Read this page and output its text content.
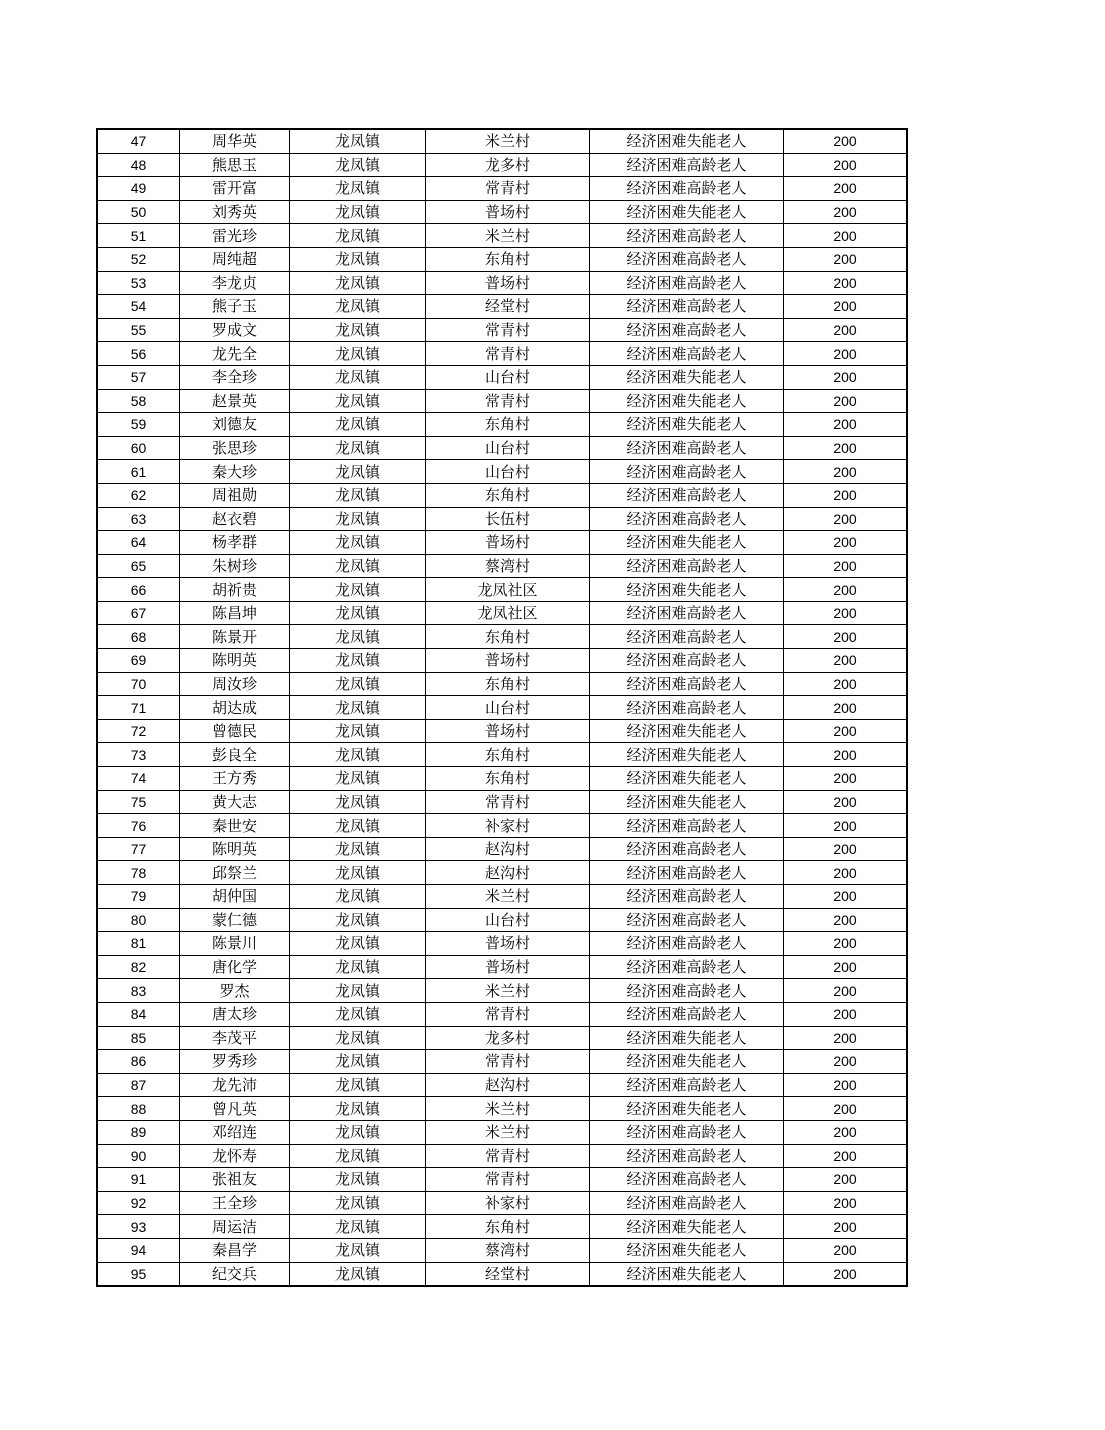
47	周华英	龙凤镇	米兰村	经济困难失能老人	200
48	熊思玉	龙凤镇	龙多村	经济困难高龄老人	200
49	雷开富	龙凤镇	常青村	经济困难高龄老人	200
50	刘秀英	龙凤镇	普场村	经济困难失能老人	200
51	雷光珍	龙凤镇	米兰村	经济困难高龄老人	200
52	周纯超	龙凤镇	东角村	经济困难高龄老人	200
53	李龙贞	龙凤镇	普场村	经济困难高龄老人	200
54	熊子玉	龙凤镇	经堂村	经济困难高龄老人	200
55	罗成文	龙凤镇	常青村	经济困难高龄老人	200
56	龙先全	龙凤镇	常青村	经济困难高龄老人	200
57	李全珍	龙凤镇	山台村	经济困难失能老人	200
58	赵景英	龙凤镇	常青村	经济困难失能老人	200
59	刘德友	龙凤镇	东角村	经济困难失能老人	200
60	张思珍	龙凤镇	山台村	经济困难高龄老人	200
61	秦大珍	龙凤镇	山台村	经济困难高龄老人	200
62	周祖勋	龙凤镇	东角村	经济困难高龄老人	200
63	赵衣碧	龙凤镇	长伍村	经济困难高龄老人	200
64	杨孝群	龙凤镇	普场村	经济困难失能老人	200
65	朱树珍	龙凤镇	蔡湾村	经济困难高龄老人	200
66	胡祈贵	龙凤镇	龙凤社区	经济困难失能老人	200
67	陈昌坤	龙凤镇	龙凤社区	经济困难高龄老人	200
68	陈景开	龙凤镇	东角村	经济困难高龄老人	200
69	陈明英	龙凤镇	普场村	经济困难高龄老人	200
70	周汝珍	龙凤镇	东角村	经济困难高龄老人	200
71	胡达成	龙凤镇	山台村	经济困难高龄老人	200
72	曾德民	龙凤镇	普场村	经济困难失能老人	200
73	彭良全	龙凤镇	东角村	经济困难失能老人	200
74	王方秀	龙凤镇	东角村	经济困难失能老人	200
75	黄大志	龙凤镇	常青村	经济困难失能老人	200
76	秦世安	龙凤镇	补家村	经济困难高龄老人	200
77	陈明英	龙凤镇	赵沟村	经济困难高龄老人	200
78	邱祭兰	龙凤镇	赵沟村	经济困难高龄老人	200
79	胡仲国	龙凤镇	米兰村	经济困难高龄老人	200
80	蒙仁德	龙凤镇	山台村	经济困难高龄老人	200
81	陈景川	龙凤镇	普场村	经济困难高龄老人	200
82	唐化学	龙凤镇	普场村	经济困难高龄老人	200
83	罗杰	龙凤镇	米兰村	经济困难高龄老人	200
84	唐太珍	龙凤镇	常青村	经济困难高龄老人	200
85	李茂平	龙凤镇	龙多村	经济困难失能老人	200
86	罗秀珍	龙凤镇	常青村	经济困难失能老人	200
87	龙先沛	龙凤镇	赵沟村	经济困难高龄老人	200
88	曾凡英	龙凤镇	米兰村	经济困难失能老人	200
89	邓绍连	龙凤镇	米兰村	经济困难高龄老人	200
90	龙怀寿	龙凤镇	常青村	经济困难高龄老人	200
91	张祖友	龙凤镇	常青村	经济困难高龄老人	200
92	王全珍	龙凤镇	补家村	经济困难高龄老人	200
93	周运洁	龙凤镇	东角村	经济困难失能老人	200
94	秦昌学	龙凤镇	蔡湾村	经济困难失能老人	200
95	纪交兵	龙凤镇	经堂村	经济困难失能老人	200
